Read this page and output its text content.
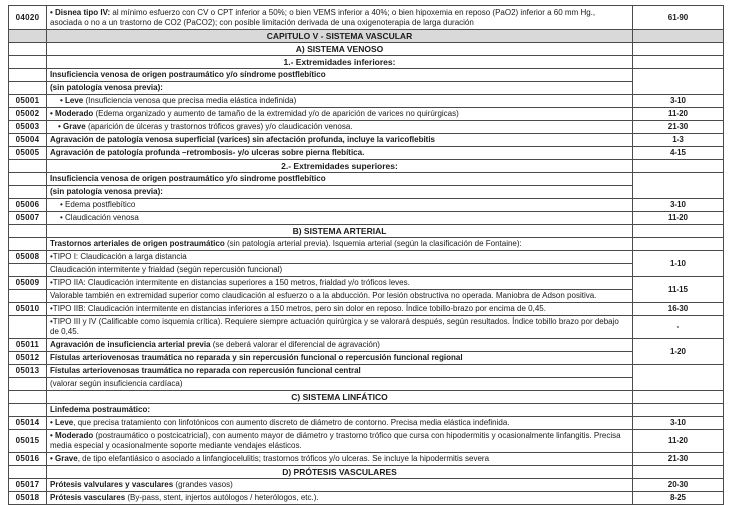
04020	• Disnea tipo IV: al mínimo esfuerzo con CV o CPT inferior a 50%; o bien VEMS inferior a 40%; o bien hipoxemia en reposo (PaO2) inferior a 60 mm Hg., asociada o no a un trastorno de CO2 (PaCO2); con posible limitación derivada de una oxigenoterapia de larga duración	61-90
	CAPITULO V - SISTEMA VASCULAR	
	A) SISTEMA VENOSO	
	1.- Extremidades inferiores:	
	Insuficiencia venosa de origen postraumático y/o síndrome postflebítico	
	(sin patología venosa previa):	
05001	• Leve (Insuficiencia venosa que precisa media elástica indefinida)	3-10
05002	• Moderado (Edema organizado y aumento de tamaño de la extremidad y/o de aparición de varices no quirúrgicas)	11-20
05003	• Grave (aparición de úlceras y trastornos tróficos graves) y/o claudicación venosa.	21-30
05004	Agravación de patología venosa superficial (varices) sin afectación profunda, incluye la varicoflebitis	1-3
05005	Agravación de patología profunda –retrombosis- y/o ulceras sobre pierna flebítica.	4-15
	2.- Extremidades superiores:	
	Insuficiencia venosa de origen postraumático y/o sindrome postflebítico	
	(sin patología venosa previa):	
05006	• Edema postflebítico	3-10
05007	• Claudicación venosa	11-20
	B) SISTEMA ARTERIAL	
	Trastornos arteriales de origen postraumático (sin patología arterial previa). Isquemia arterial (según la clasificación de Fontaine):	
05008	•TIPO I: Claudicación a larga distancia	1-10
	Claudicación intermitente y frialdad (según repercusión funcional)	
05009	•TIPO IIA: Claudicación intermitente en distancias superiores a 150 metros, frialdad y/o tróficos leves.	11-15
	Valorable también en extremidad superior como claudicación al esfuerzo o a la abducción. Por lesión obstructiva no operada. Maniobra de Adson positiva.	
05010	•TIPO IIB: Claudicación intermitente en distancias inferiores a 150 metros, pero sin dolor en reposo. Índice tobillo-brazo por encima de 0,45.	16-30
	•TIPO III y IV (Calificable como isquemia crítica). Requiere siempre actuación quirúrgica y se valorará después, según resultados. Índice tobillo brazo por debajo de 0,45.	-
05011	Agravación de insuficiencia arterial previa (se deberá valorar el diferencial de agravación)	1-20
05012	Fístulas arteriovenosas traumática no reparada y sin repercusión funcional o repercusión funcional regional	
05013	Fístulas arteriovenosas traumática no reparada con repercusión funcional central	
	(valorar según insuficiencia cardíaca)	
	C) SISTEMA LINFÁTICO	
	Linfedema postraumático:	
05014	• Leve, que precisa tratamiento con linfotónicos con aumento discreto de diámetro de contorno. Precisa media elástica indefinida.	3-10
05015	• Moderado (postraumático o postcicatricial), con aumento mayor de diámetro y trastorno trófico que cursa con hipodermitis y ocasionalmente linfangitis. Precisa media especial y ocasionalmente soporte mediante vendajes elásticos.	11-20
05016	• Grave, de tipo elefantiásico o asociado a linfangiocelulitis; trastornos tróficos y/o ulceras. Se incluye la hipodermitis severa	21-30
	D) PRÓTESIS VASCULARES	
05017	Prótesis valvulares y vasculares (grandes vasos)	20-30
05018	Prótesis vasculares (By-pass, stent, injertos autólogos / heterólogos, etc.).	8-25
